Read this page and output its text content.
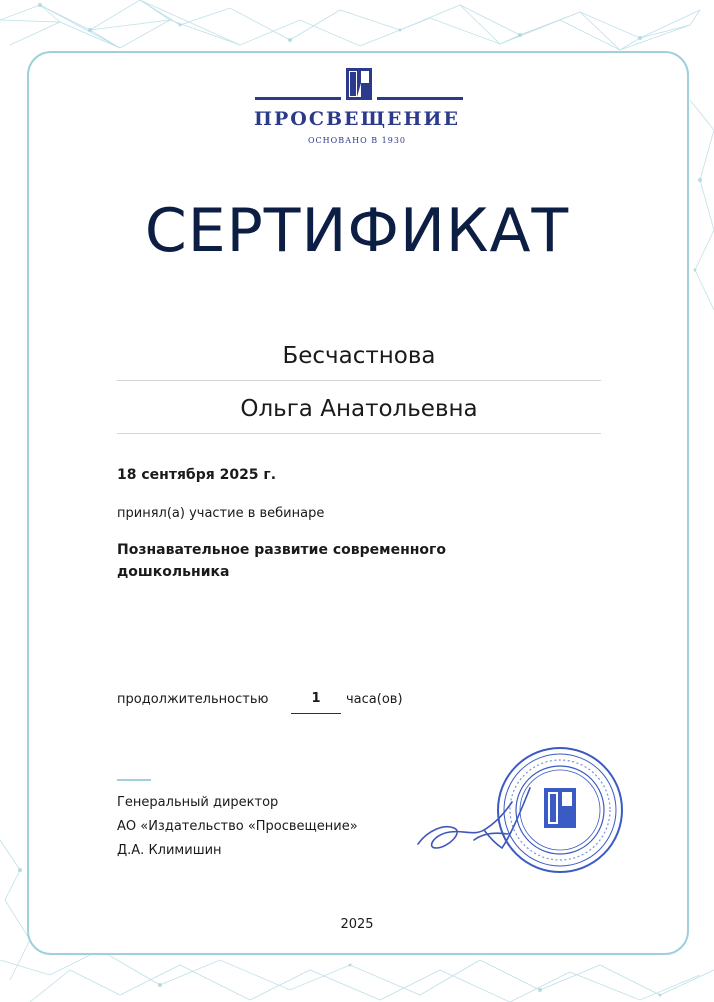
ПРОСВЕЩЕНИЕ
ОСНОВАНО В 1930
СЕРТИФИКАТ
Бесчастнова
Ольга Анатольевна
18 сентября 2025 г.
принял(а) участие в вебинаре
Познавательное развитие современного дошкольника
продолжительностью	1	часа(ов)
Генеральный директор
АО «Издательство «Просвещение»
Д.А. Климишин
2025
